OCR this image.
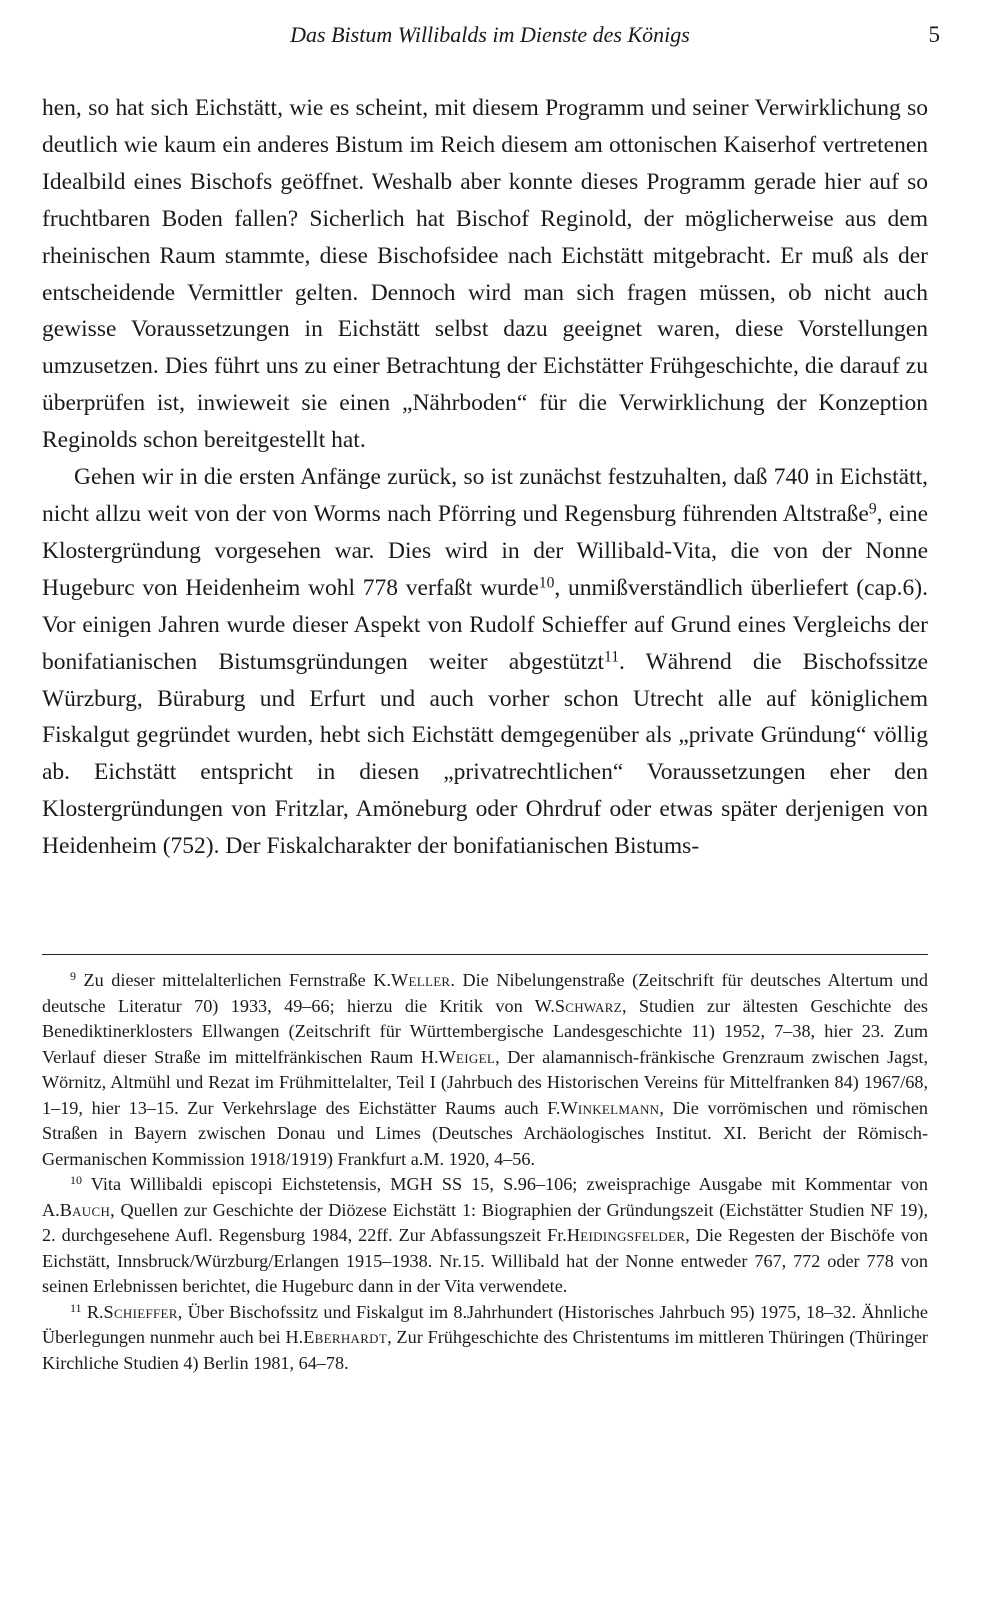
Das Bistum Willibalds im Dienste des Königs	5

hen, so hat sich Eichstätt, wie es scheint, mit diesem Programm und seiner Verwirklichung so deutlich wie kaum ein anderes Bistum im Reich diesem am ottonischen Kaiserhof vertretenen Idealbild eines Bischofs geöffnet. Weshalb aber konnte dieses Programm gerade hier auf so fruchtbaren Boden fallen? Sicherlich hat Bischof Reginold, der möglicherweise aus dem rheinischen Raum stammte, diese Bischofsidee nach Eichstätt mitgebracht. Er muß als der entscheidende Vermittler gelten. Dennoch wird man sich fragen müssen, ob nicht auch gewisse Voraussetzungen in Eichstätt selbst dazu geeignet waren, diese Vorstellungen umzusetzen. Dies führt uns zu einer Betrachtung der Eichstätter Frühgeschichte, die darauf zu überprüfen ist, inwieweit sie einen „Nährboden“ für die Verwirklichung der Konzeption Reginolds schon bereitgestellt hat.

Gehen wir in die ersten Anfänge zurück, so ist zunächst festzuhalten, daß 740 in Eichstätt, nicht allzu weit von der von Worms nach Pförring und Regensburg führenden Altstraße$^9$, eine Klostergründung vorgesehen war. Dies wird in der Willibald-Vita, die von der Nonne Hugeburc von Heidenheim wohl 778 verfaßt wurde$^{10}$, unmißverständlich überliefert (cap.6). Vor einigen Jahren wurde dieser Aspekt von Rudolf Schieffer auf Grund eines Vergleichs der bonifatianischen Bistumsgründungen weiter abgestützt$^{11}$. Während die Bischofssitze Würzburg, Büraburg und Erfurt und auch vorher schon Utrecht alle auf königlichem Fiskalgut gegründet wurden, hebt sich Eichstätt demgegenüber als „private Gründung“ völlig ab. Eichstätt entspricht in diesen „privatrechtlichen“ Voraussetzungen eher den Klostergründungen von Fritzlar, Amöneburg oder Ohrdruf oder etwas später derjenigen von Heidenheim (752). Der Fiskalcharakter der bonifatianischen Bistums-

$^9$ Zu dieser mittelalterlichen Fernstraße K.Weller. Die Nibelungenstraße (Zeitschrift für deutsches Altertum und deutsche Literatur 70) 1933, 49–66; hierzu die Kritik von W.Schwarz, Studien zur ältesten Geschichte des Benediktinerklosters Ellwangen (Zeitschrift für Württembergische Landesgeschichte 11) 1952, 7–38, hier 23. Zum Verlauf dieser Straße im mittelfränkischen Raum H.Weigel, Der alamannisch-fränkische Grenzraum zwischen Jagst, Wörnitz, Altmühl und Rezat im Frühmittelalter, Teil I (Jahrbuch des Historischen Vereins für Mittelfranken 84) 1967/68, 1–19, hier 13–15. Zur Verkehrslage des Eichstätter Raums auch F.Winkelmann, Die vorrömischen und römischen Straßen in Bayern zwischen Donau und Limes (Deutsches Archäologisches Institut. XI. Bericht der Römisch-Germanischen Kommission 1918/1919) Frankfurt a.M. 1920, 4–56.

$^{10}$ Vita Willibaldi episcopi Eichstetensis, MGH SS 15, S.96–106; zweisprachige Ausgabe mit Kommentar von A.Bauch, Quellen zur Geschichte der Diözese Eichstätt 1: Biographien der Gründungszeit (Eichstätter Studien NF 19), 2. durchgesehene Aufl. Regensburg 1984, 22ff. Zur Abfassungszeit Fr.Heidingsfelder, Die Regesten der Bischöfe von Eichstätt, Innsbruck/Würzburg/Erlangen 1915–1938. Nr.15. Willibald hat der Nonne entweder 767, 772 oder 778 von seinen Erlebnissen berichtet, die Hugeburc dann in der Vita verwendete.

$^{11}$ R.Schieffer, Über Bischofssitz und Fiskalgut im 8.Jahrhundert (Historisches Jahrbuch 95) 1975, 18–32. Ähnliche Überlegungen nunmehr auch bei H.Eberhardt, Zur Frühgeschichte des Christentums im mittleren Thüringen (Thüringer Kirchliche Studien 4) Berlin 1981, 64–78.
